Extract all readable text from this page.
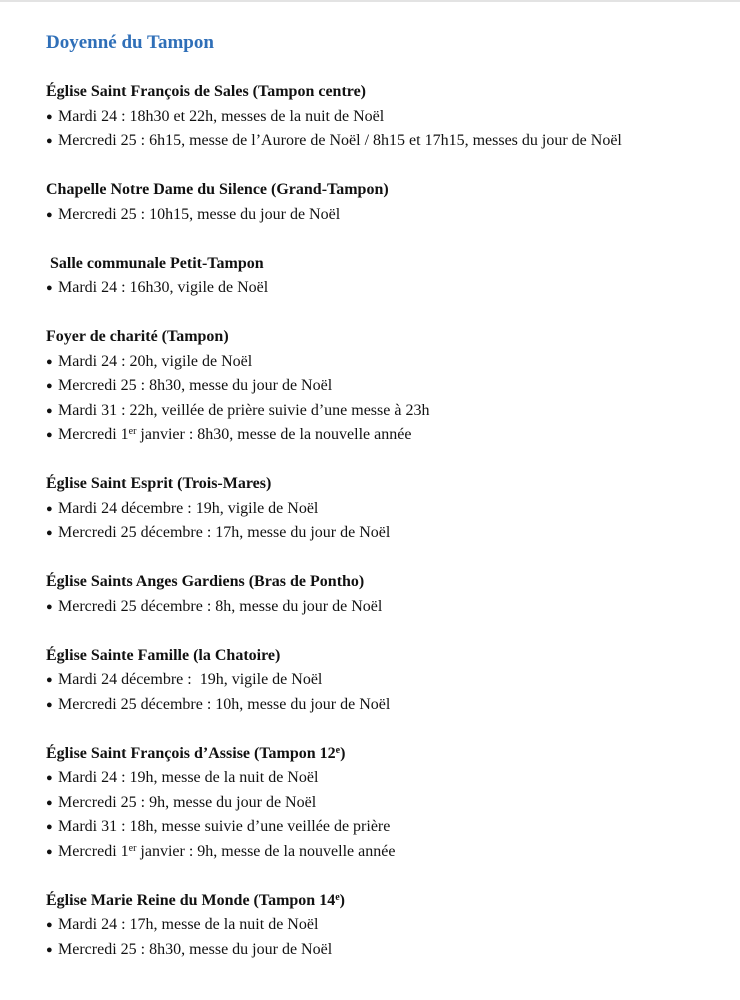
Doyenné du Tampon
Église Saint François de Sales (Tampon centre)
● Mardi 24 : 18h30 et 22h, messes de la nuit de Noël
● Mercredi 25 : 6h15, messe de l’Aurore de Noël / 8h15 et 17h15, messes du jour de Noël
Chapelle Notre Dame du Silence (Grand-Tampon)
● Mercredi 25 : 10h15, messe du jour de Noël
Salle communale Petit-Tampon
● Mardi 24 : 16h30, vigile de Noël
Foyer de charité (Tampon)
● Mardi 24 : 20h, vigile de Noël
● Mercredi 25 : 8h30, messe du jour de Noël
● Mardi 31 : 22h, veillée de prière suivie d’une messe à 23h
● Mercredi 1er janvier : 8h30, messe de la nouvelle année
Église Saint Esprit (Trois-Mares)
● Mardi 24 décembre : 19h, vigile de Noël
● Mercredi 25 décembre : 17h, messe du jour de Noël
Église Saints Anges Gardiens (Bras de Pontho)
● Mercredi 25 décembre : 8h, messe du jour de Noël
Église Sainte Famille (la Chatoire)
● Mardi 24 décembre :  19h, vigile de Noël
● Mercredi 25 décembre : 10h, messe du jour de Noël
Église Saint François d’Assise (Tampon 12e)
● Mardi 24 : 19h, messe de la nuit de Noël
● Mercredi 25 : 9h, messe du jour de Noël
● Mardi 31 : 18h, messe suivie d’une veillée de prière
● Mercredi 1er janvier : 9h, messe de la nouvelle année
Église Marie Reine du Monde (Tampon 14e)
● Mardi 24 : 17h, messe de la nuit de Noël
● Mercredi 25 : 8h30, messe du jour de Noël
